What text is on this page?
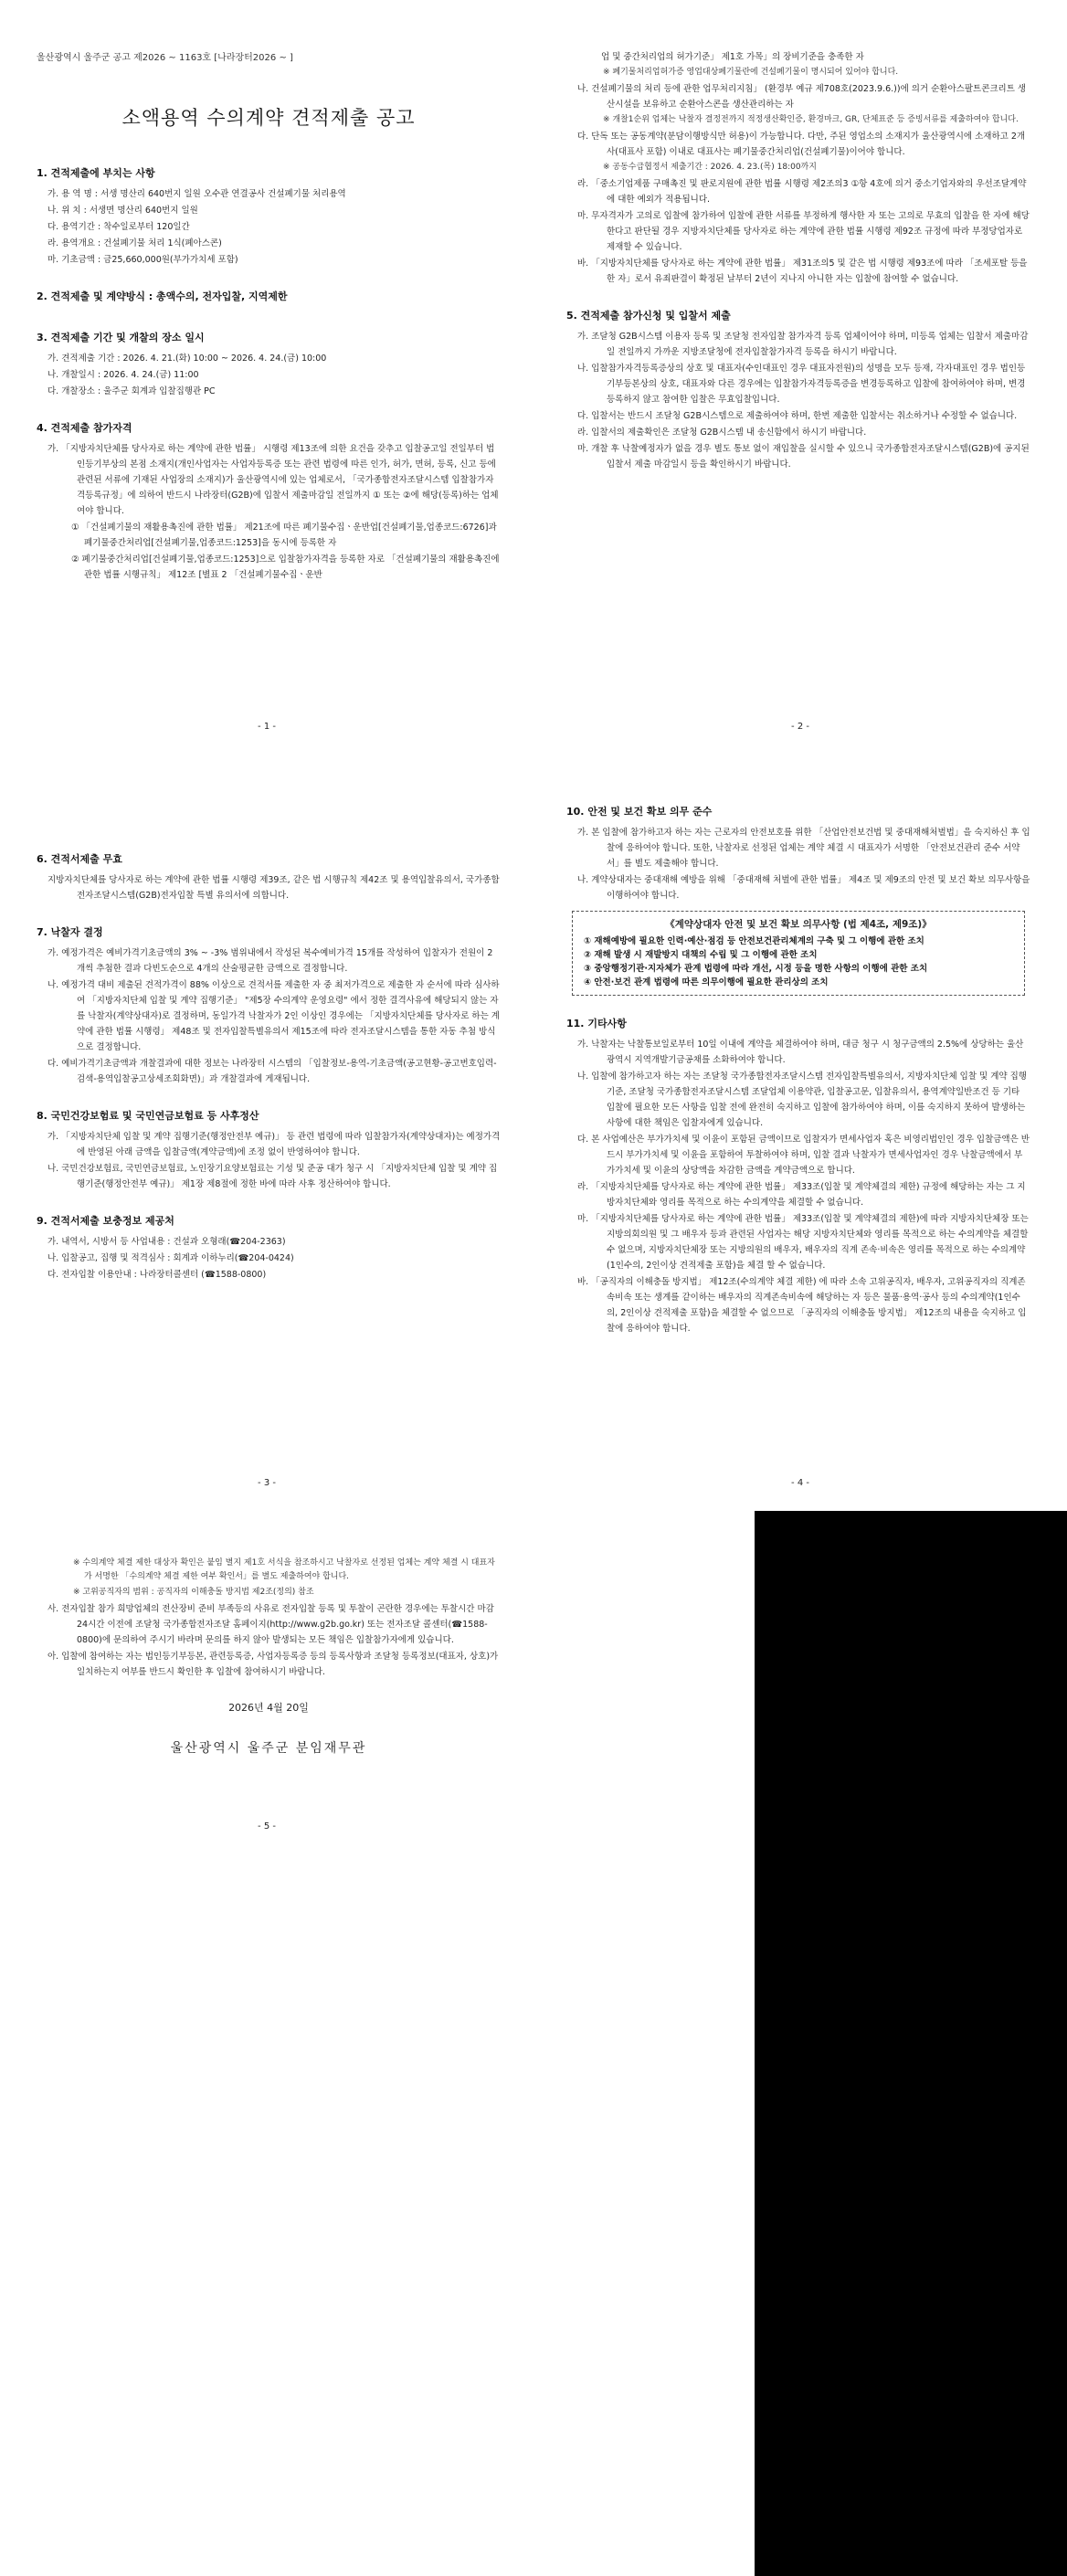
울산광역시 울주군 공고 제2026 ~ 1163호 [나라장터2026 ~ ]
소액용역 수의계약 견적제출 공고
1. 견적제출에 부치는 사항
가. 용 역 명 : 서생 명산리 640번지 일원 오수관 연결공사 건설폐기물 처리용역
나. 위 치 : 서생면 명산리 640번지 일원
다. 용역기간 : 착수일로부터 120일간
라. 용역개요 : 건설폐기물 처리 1식(폐아스콘)
마. 기초금액 : 금25,660,000원(부가가치세 포함)
2. 견적제출 및 계약방식 : 총액수의, 전자입찰, 지역제한
3. 견적제출 기간 및 개찰의 장소 일시
가. 견적제출 기간 : 2026. 4. 21.(화) 10:00 ~ 2026. 4. 24.(금) 10:00
나. 개찰일시 : 2026. 4. 24.(금) 11:00
다. 개찰장소 : 울주군 회계과 입찰집행관 PC
4. 견적제출 참가자격
가. 「지방자치단체를 당사자로 하는 계약에 관한 법률」 시행령 제13조에 의한 요건을 갖추고 입찰공고일 전일부터 법인등기부상의 본점 소재지(개인사업자는 사업자등록증 또는 관련 법령에 따른 인가, 허가, 면허, 등록, 신고 등에 관련된 서류에 기재된 사업장의 소재지)가 울산광역시에 있는 업체로서, 「국가종합전자조달시스템 입찰참가자격등록규정」에 의하여 반드시 나라장터(G2B)에 입찰서 제출마감일 전일까지 ① 또는 ②에 해당(등록)하는 업체여야 합니다.
① 「건설폐기물의 재활용촉진에 관한 법률」 제21조에 따른 폐기물수집ㆍ운반업[건설폐기물,업종코드:6726]과 폐기물중간처리업[건설폐기물,업종코드:1253]을 동시에 등록한 자
② 폐기물중간처리업[건설폐기물,업종코드:1253]으로 입찰참가자격을 등록한 자로 「건설폐기물의 재활용촉진에 관한 법률 시행규칙」 제12조 [별표 2 「건설폐기물수집ㆍ운반
- 1 -
업 및 중간처리업의 허가기준」 제1호 가목」의 장비기준을 충족한 자
※ 폐기물처리업허가증 영업대상폐기물란에 건설폐기물이 명시되어 있어야 합니다.
나. 건설폐기물의 처리 등에 관한 업무처리지침」 (환경부 예규 제708호(2023.9.6.))에 의거 순환아스팔트콘크리트 생산시설을 보유하고 순환아스콘을 생산관리하는 자
※ 개찰1순위 업체는 낙찰자 결정전까지 적정생산확인증, 환경마크, GR, 단체표준 등 증빙서류를 제출하여야 합니다.
다. 단독 또는 공동계약(분담이행방식만 허용)이 가능합니다. 다만, 주된 영업소의 소재지가 울산광역시에 소재하고 2개사(대표사 포함) 이내로 대표사는 폐기물중간처리업(건설폐기물)이어야 합니다.
※ 공동수급협정서 제출기간 : 2026. 4. 23.(목) 18:00까지
라. 「중소기업제품 구매촉진 및 판로지원에 관한 법률 시행령 제2조의3 ①항 4호에 의거 중소기업자와의 우선조달계약에 대한 예외가 적용됩니다.
마. 무자격자가 고의로 입찰에 참가하여 입찰에 관한 서류를 부정하게 행사한 자 또는 고의로 무효의 입찰을 한 자에 해당한다고 판단될 경우 지방자치단체를 당사자로 하는 계약에 관한 법률 시행령 제92조 규정에 따라 부정당업자로 제재할 수 있습니다.
바. 「지방자치단체를 당사자로 하는 계약에 관한 법률」 제31조의5 및 같은 법 시행령 제93조에 따라 「조세포탈 등을 한 자」로서 유죄판결이 확정된 날부터 2년이 지나지 아니한 자는 입찰에 참여할 수 없습니다.
5. 견적제출 참가신청 및 입찰서 제출
가. 조달청 G2B시스템 이용자 등록 및 조달청 전자입찰 참가자격 등록 업체이어야 하며, 미등록 업체는 입찰서 제출마감일 전일까지 가까운 지방조달청에 전자입찰참가자격 등록을 하시기 바랍니다.
나. 입찰참가자격등록증상의 상호 및 대표자(수인대표인 경우 대표자전원)의 성명을 모두 등재, 각자대표인 경우 법인등기부등본상의 상호, 대표자와 다른 경우에는 입찰참가자격등록증을 변경등록하고 입찰에 참여하여야 하며, 변경등록하지 않고 참여한 입찰은 무효입찰입니다.
다. 입찰서는 반드시 조달청 G2B시스템으로 제출하여야 하며, 한번 제출한 입찰서는 취소하거나 수정할 수 없습니다.
라. 입찰서의 제출확인은 조달청 G2B시스템 내 송신함에서 하시기 바랍니다.
마. 개찰 후 낙찰예정자가 없을 경우 별도 통보 없이 재입찰을 실시할 수 있으니 국가종합전자조달시스템(G2B)에 공지된 입찰서 제출 마감일시 등을 확인하시기 바랍니다.
- 2 -
6. 견적서제출 무효
지방자치단체를 당사자로 하는 계약에 관한 법률 시행령 제39조, 같은 법 시행규칙 제42조 및 용역입찰유의서, 국가종합전자조달시스템(G2B)전자입찰 특별 유의서에 의합니다.
7. 낙찰자 결정
가. 예정가격은 예비가격기초금액의 3% ~ -3% 범위내에서 작성된 복수예비가격 15개를 작성하여 입찰자가 전원이 2개씩 추첨한 결과 다빈도순으로 4개의 산술평균한 금액으로 결정합니다.
나. 예정가격 대비 제출된 견적가격이 88% 이상으로 견적서를 제출한 자 중 최저가격으로 제출한 자 순서에 따라 심사하여 「지방자치단체 입찰 및 계약 집행기준」 "제5장 수의계약 운영요령" 에서 정한 결격사유에 해당되지 않는 자를 낙찰자(계약상대자)로 결정하며, 동일가격 낙찰자가 2인 이상인 경우에는 「지방자치단체를 당사자로 하는 계약에 관한 법률 시행령」 제48조 및 전자입찰특별유의서 제15조에 따라 전자조달시스템을 통한 자동 추첨 방식으로 결정합니다.
다. 예비가격기초금액과 개찰결과에 대한 정보는 나라장터 시스템의 「입찰정보-용역-기초금액(공고현황-공고번호입력-검색-용역입찰공고상세조회화면)」과 개찰결과에 게재됩니다.
8. 국민건강보험료 및 국민연금보험료 등 사후정산
가. 「지방자치단체 입찰 및 계약 집행기준(행정안전부 예규)」 등 관련 법령에 따라 입찰참가자(계약상대자)는 예정가격에 반영된 아래 금액을 입찰금액(계약금액)에 조정 없이 반영하여야 합니다.
나. 국민건강보험료, 국민연금보험료, 노인장기요양보험료는 기성 및 준공 대가 청구 시 「지방자치단체 입찰 및 계약 집행기준(행정안전부 예규)」 제1장 제8절에 정한 바에 따라 사후 정산하여야 합니다.
9. 견적서제출 보충정보 제공처
가. 내역서, 시방서 등 사업내용 : 건설과 오형래(☎204-2363)
나. 입찰공고, 집행 및 적격심사 : 회계과 이하누리(☎204-0424)
다. 전자입찰 이용안내 : 나라장터콜센터 (☎1588-0800)
- 3 -
10. 안전 및 보건 확보 의무 준수
가. 본 입찰에 참가하고자 하는 자는 근로자의 안전보호를 위한 「산업안전보건법 및 중대재해처벌법」을 숙지하신 후 입찰에 응하여야 합니다. 또한, 낙찰자로 선정된 업체는 계약 체결 시 대표자가 서명한 「안전보건관리 준수 서약서」를 별도 제출해야 합니다.
나. 계약상대자는 중대재해 예방을 위해 「중대재해 처벌에 관한 법률」 제4조 및 제9조의 안전 및 보건 확보 의무사항을 이행하여야 합니다.
《계약상대자 안전 및 보건 확보 의무사항 (법 제4조, 제9조)》
① 재해예방에 필요한 인력·예산·점검 등 안전보건관리체계의 구축 및 그 이행에 관한 조치
② 재해 발생 시 재발방지 대책의 수립 및 그 이행에 관한 조치
③ 중앙행정기관·지자체가 관계 법령에 따라 개선, 시정 등을 명한 사항의 이행에 관한 조치
④ 안전·보건 관계 법령에 따른 의무이행에 필요한 관리상의 조치
11. 기타사항
가. 낙찰자는 낙찰통보일로부터 10일 이내에 계약을 체결하여야 하며, 대금 청구 시 청구금액의 2.5%에 상당하는 울산광역시 지역개발기금공채를 소화하여야 합니다.
나. 입찰에 참가하고자 하는 자는 조달청 국가종합전자조달시스템 전자입찰특별유의서, 지방자치단체 입찰 및 계약 집행기준, 조달청 국가종합전자조달시스템 조달업체 이용약관, 입찰공고문, 입찰유의서, 용역계약일반조건 등 기타 입찰에 필요한 모든 사항을 입찰 전에 완전히 숙지하고 입찰에 참가하여야 하며, 이를 숙지하지 못하여 발생하는 사항에 대한 책임은 입찰자에게 있습니다.
다. 본 사업예산은 부가가치세 및 이윤이 포함된 금액이므로 입찰자가 면세사업자 혹은 비영리법인인 경우 입찰금액은 반드시 부가가치세 및 이윤을 포함하여 투찰하여야 하며, 입찰 결과 낙찰자가 면세사업자인 경우 낙찰금액에서 부가가치세 및 이윤의 상당액을 차감한 금액을 계약금액으로 합니다.
라. 「지방자치단체를 당사자로 하는 계약에 관한 법률」 제33조(입찰 및 계약체결의 제한) 규정에 해당하는 자는 그 지방자치단체와 영리를 목적으로 하는 수의계약을 체결할 수 없습니다.
마. 「지방자치단체를 당사자로 하는 계약에 관한 법률」 제33조(입찰 및 계약체결의 제한)에 따라 지방자치단체장 또는 지방의회의원 및 그 배우자 등과 관련된 사업자는 해당 지방자치단체와 영리를 목적으로 하는 수의계약을 체결할 수 없으며, 지방자치단체장 또는 지방의원의 배우자, 배우자의 직계 존속·비속은 영리를 목적으로 하는 수의계약(1인수의, 2인이상 견적제출 포함)을 체결 할 수 없습니다.
바. 「공직자의 이해충돌 방지법」 제12조(수의계약 체결 제한) 에 따라 소속 고위공직자, 배우자, 고위공직자의 직계존속비속 또는 생계를 같이하는 배우자의 직계존속비속에 해당하는 자 등은 물품·용역·공사 등의 수의계약(1인수의, 2인이상 견적제출 포함)을 체결할 수 없으므로 「공직자의 이해충돌 방지법」 제12조의 내용을 숙지하고 입찰에 응하여야 합니다.
- 4 -
※ 수의계약 체결 제한 대상자 확인은 붙임 별지 제1호 서식을 참조하시고 낙찰자로 선정된 업체는 계약 체결 시 대표자가 서명한 「수의계약 체결 제한 여부 확인서」를 별도 제출하여야 합니다.
※ 고위공직자의 범위 : 공직자의 이해충돌 방지법 제2조(정의) 참조
사. 전자입찰 참가 희망업체의 전산장비 준비 부족등의 사유로 전자입찰 등록 및 투찰이 곤란한 경우에는 투찰시간 마감 24시간 이전에 조달청 국가종합전자조달 홈페이지(http://www.g2b.go.kr) 또는 전자조달 콜센터(☎1588-0800)에 문의하여 주시기 바라며 문의를 하지 않아 발생되는 모든 책임은 입찰참가자에게 있습니다.
아. 입찰에 참여하는 자는 법인등기부등본, 관련등록증, 사업자등록증 등의 등록사항과 조달청 등록정보(대표자, 상호)가 일치하는지 여부를 반드시 확인한 후 입찰에 참여하시기 바랍니다.
2026년 4월 20일
울산광역시 울주군 분임재무관
- 5 -
